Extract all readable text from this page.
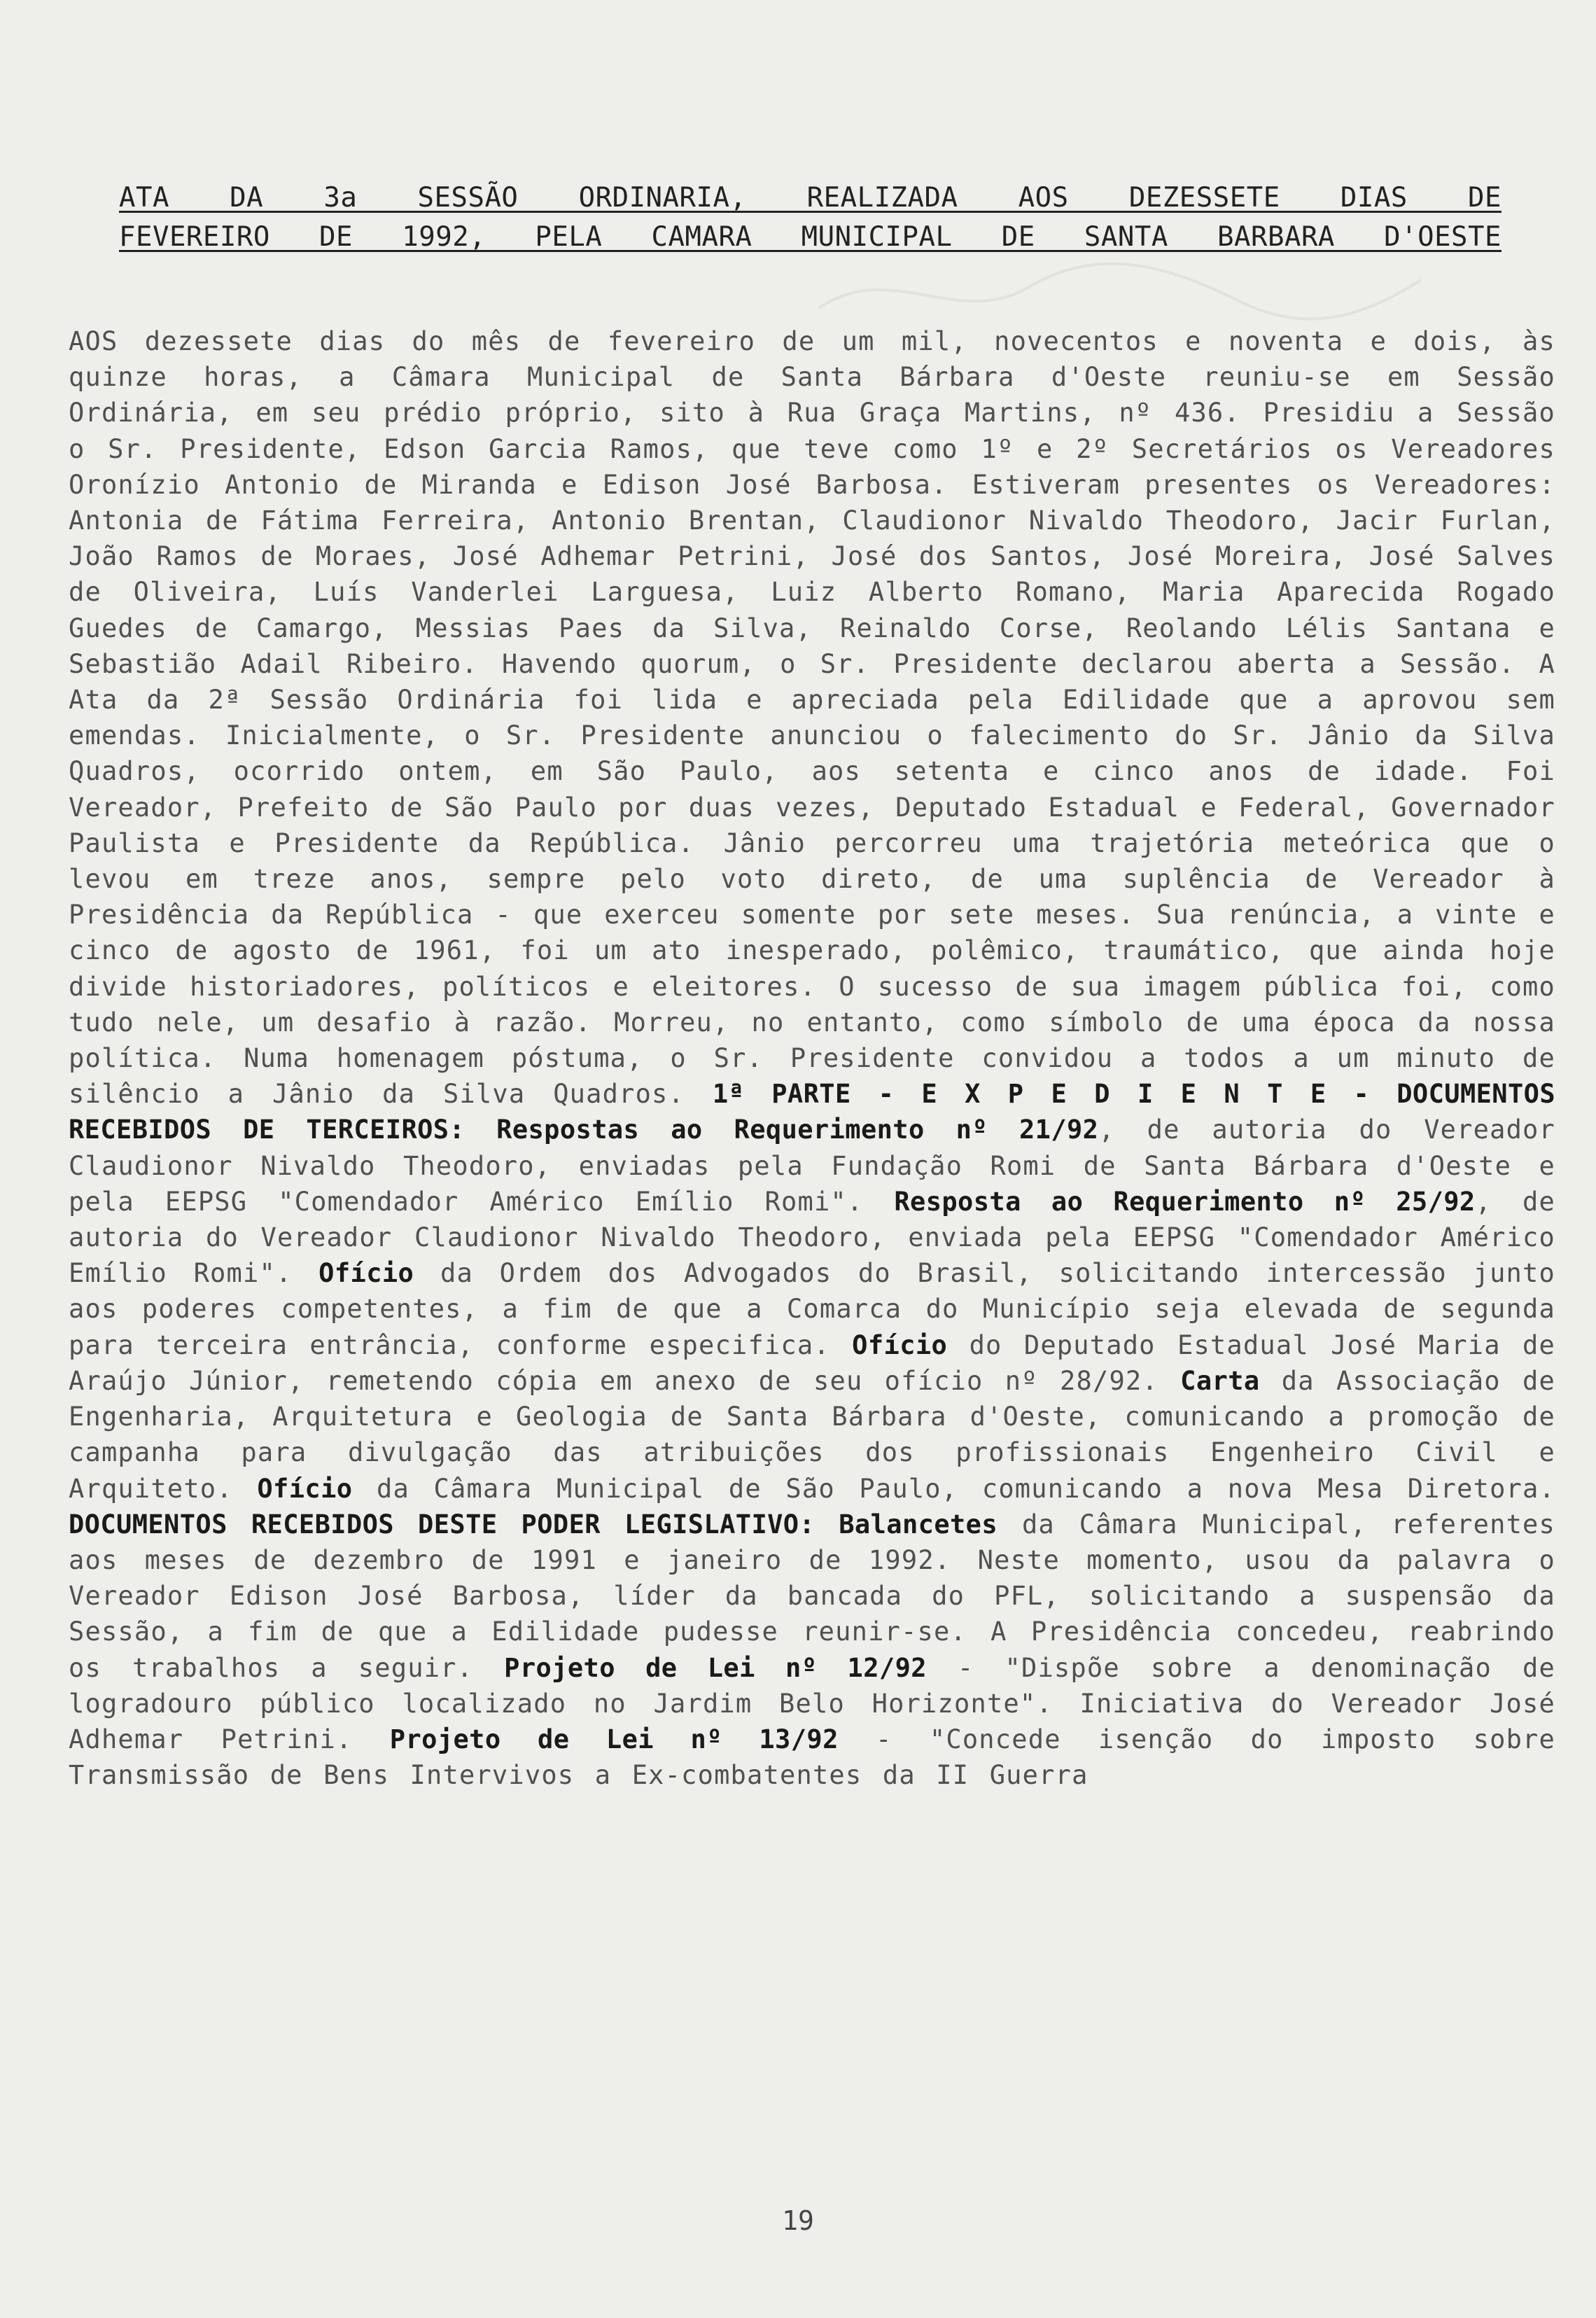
ATA DA 3a SESSÃO ORDINARIA, REALIZADA AOS DEZESSETE DIAS DE
FEVEREIRO DE 1992, PELA CAMARA MUNICIPAL DE SANTA BARBARA D'OESTE
AOS dezessete dias do mês de fevereiro de um mil, novecentos e noventa e dois, às quinze horas, a Câmara Municipal de Santa Bárbara d'Oeste reuniu-se em Sessão Ordinária, em seu prédio próprio, sito à Rua Graça Martins, nº 436. Presidiu a Sessão o Sr. Presidente, Edson Garcia Ramos, que teve como 1º e 2º Secretários os Vereadores Oronízio Antonio de Miranda e Edison José Barbosa. Estiveram presentes os Vereadores: Antonia de Fátima Ferreira, Antonio Brentan, Claudionor Nivaldo Theodoro, Jacir Furlan, João Ramos de Moraes, José Adhemar Petrini, José dos Santos, José Moreira, José Salves de Oliveira, Luís Vanderlei Larguesa, Luiz Alberto Romano, Maria Aparecida Rogado Guedes de Camargo, Messias Paes da Silva, Reinaldo Corse, Reolando Lélis Santana e Sebastião Adail Ribeiro. Havendo quorum, o Sr. Presidente declarou aberta a Sessão. A Ata da 2ª Sessão Ordinária foi lida e apreciada pela Edilidade que a aprovou sem emendas. Inicialmente, o Sr. Presidente anunciou o falecimento do Sr. Jânio da Silva Quadros, ocorrido ontem, em São Paulo, aos setenta e cinco anos de idade. Foi Vereador, Prefeito de São Paulo por duas vezes, Deputado Estadual e Federal, Governador Paulista e Presidente da República. Jânio percorreu uma trajetória meteórica que o levou em treze anos, sempre pelo voto direto, de uma suplência de Vereador à Presidência da República - que exerceu somente por sete meses. Sua renúncia, a vinte e cinco de agosto de 1961, foi um ato inesperado, polêmico, traumático, que ainda hoje divide historiadores, políticos e eleitores. O sucesso de sua imagem pública foi, como tudo nele, um desafio à razão. Morreu, no entanto, como símbolo de uma época da nossa política. Numa homenagem póstuma, o Sr. Presidente convidou a todos a um minuto de silêncio a Jânio da Silva Quadros. 1ª PARTE - E X P E D I E N T E - DOCUMENTOS RECEBIDOS DE TERCEIROS: Respostas ao Requerimento nº 21/92, de autoria do Vereador Claudionor Nivaldo Theodoro, enviadas pela Fundação Romi de Santa Bárbara d'Oeste e pela EEPSG "Comendador Américo Emílio Romi". Resposta ao Requerimento nº 25/92, de autoria do Vereador Claudionor Nivaldo Theodoro, enviada pela EEPSG "Comendador Américo Emílio Romi". Ofício da Ordem dos Advogados do Brasil, solicitando intercessão junto aos poderes competentes, a fim de que a Comarca do Município seja elevada de segunda para terceira entrância, conforme especifica. Ofício do Deputado Estadual José Maria de Araújo Júnior, remetendo cópia em anexo de seu ofício nº 28/92. Carta da Associação de Engenharia, Arquitetura e Geologia de Santa Bárbara d'Oeste, comunicando a promoção de campanha para divulgação das atribuições dos profissionais Engenheiro Civil e Arquiteto. Ofício da Câmara Municipal de São Paulo, comunicando a nova Mesa Diretora. DOCUMENTOS RECEBIDOS DESTE PODER LEGISLATIVO: Balancetes da Câmara Municipal, referentes aos meses de dezembro de 1991 e janeiro de 1992. Neste momento, usou da palavra o Vereador Edison José Barbosa, líder da bancada do PFL, solicitando a suspensão da Sessão, a fim de que a Edilidade pudesse reunir-se. A Presidência concedeu, reabrindo os trabalhos a seguir. Projeto de Lei nº 12/92 - "Dispõe sobre a denominação de logradouro público localizado no Jardim Belo Horizonte". Iniciativa do Vereador José Adhemar Petrini. Projeto de Lei nº 13/92 - "Concede isenção do imposto sobre Transmissão de Bens Intervivos a Ex-combatentes da II Guerra
19
